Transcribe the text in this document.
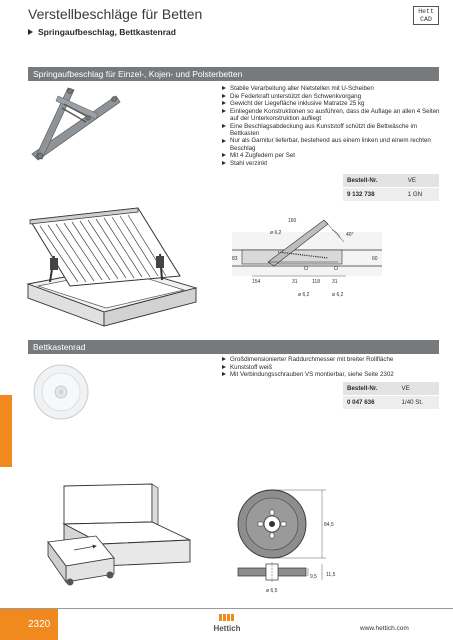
Verstellbeschläge für Betten
Springaufbeschlag, Bettkastenrad
Hett
CAD
Springaufbeschlag für Einzel-, Kojen- und Polsterbetten
Stabile Verarbeitung aller Nietstellen mit U-Scheiben
Die Federkraft unterstützt den Schwenkvorgang
Gewicht der Liegefläche inklusive Matratze 25 kg
Einliegende Konstruktionen so ausführen, dass die Auflage an allen 4 Seiten auf der Unterkonstruktion aufliegt
Eine Beschlagsabdeckung aus Kunststoff schützt die Bettwäsche im Bettkasten
Nur als Garnitur lieferbar, bestehend aus einem linken und einem rechten Beschlag
Mit 4 Zugfedern per Set
Stahl verzinkt
Bestell-Nr.	VE
9 132 738	1 GN
160
40°
ø 6,2
83	60
154	31	118 31
ø 6,2	ø 6,2
Bettkastenrad
Großdimensionierter Raddurchmesser mit breiter Rollfläche
Kunststoff weiß
Mit Verbindungsschrauben VS montierbar, siehe Seite 2302
Bestell-Nr.	VE
0 047 636	1/40 St.
84,5
9,5 11,5
ø 6,5
2320	Hettich	www.hettich.com
